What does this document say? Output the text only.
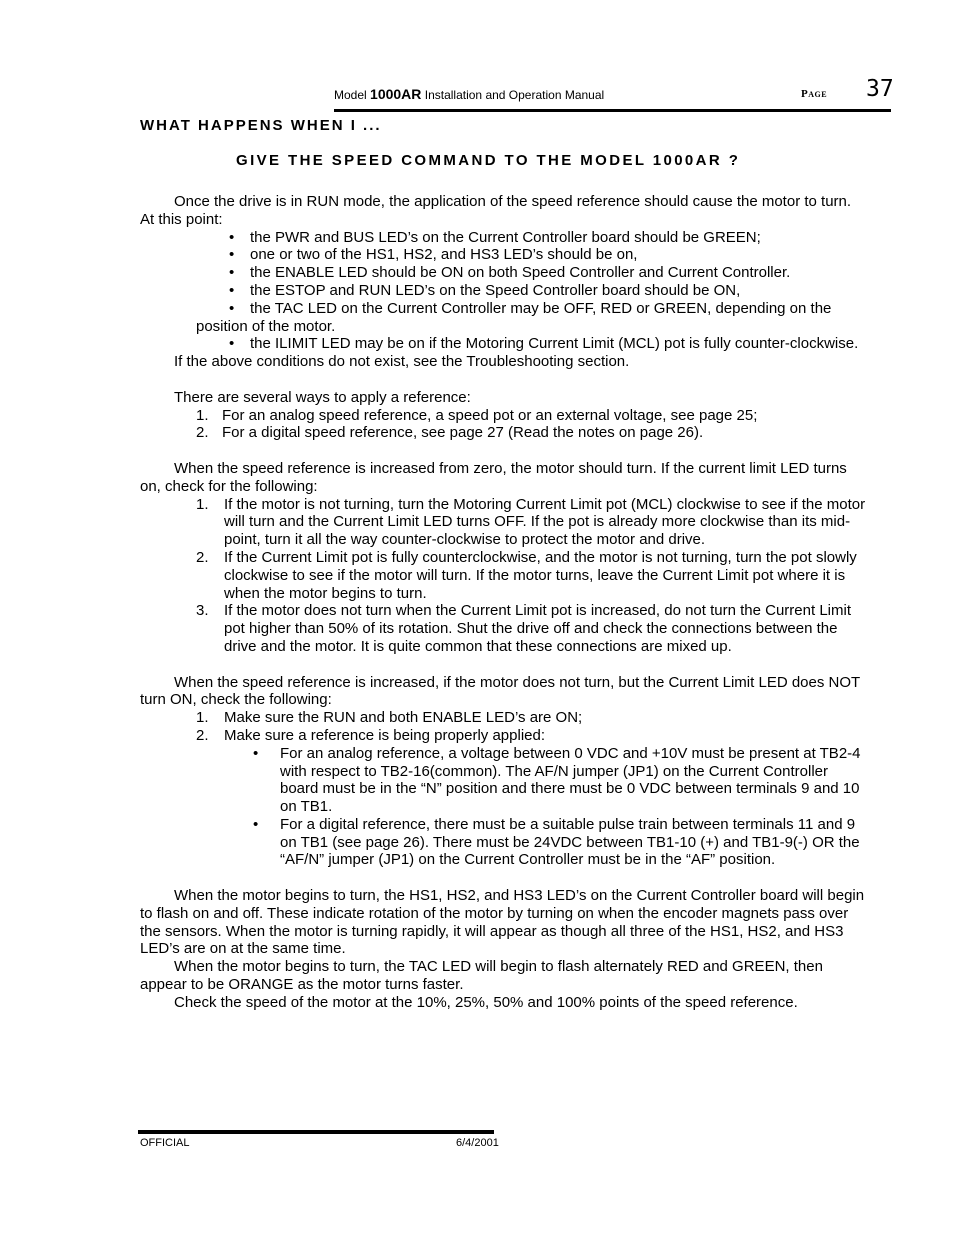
Model 1000AR Installation and Operation Manual	Page 37
WHAT HAPPENS WHEN I ...
GIVE THE SPEED COMMAND TO THE MODEL 1000AR ?

Once the drive is in RUN mode, the application of the speed reference should cause the motor to turn. At this point:

• the PWR and BUS LED’s on the Current Controller board should be GREEN;
• one or two of the HS1, HS2, and HS3 LED’s should be on,
• the ENABLE LED should be ON on both Speed Controller and Current Controller.
• the ESTOP and RUN LED’s on the Speed Controller board should be ON,
• the TAC LED on the Current Controller may be OFF, RED or GREEN, depending on the position of the motor.
• the ILIMIT LED may be on if the Motoring Current Limit (MCL) pot is fully counter-clockwise.

If the above conditions do not exist, see the Troubleshooting section.

There are several ways to apply a reference:

1. For an analog speed reference, a speed pot or an external voltage, see page 25;
2. For a digital speed reference, see page 27 (Read the notes on page 26).

When the speed reference is increased from zero, the motor should turn. If the current limit LED turns on, check for the following:

1. If the motor is not turning, turn the Motoring Current Limit pot (MCL) clockwise to see if the motor will turn and the Current Limit LED turns OFF. If the pot is already more clockwise than its mid-point, turn it all the way counter-clockwise to protect the motor and drive.
2. If the Current Limit pot is fully counterclockwise, and the motor is not turning, turn the pot slowly clockwise to see if the motor will turn. If the motor turns, leave the Current Limit pot where it is when the motor begins to turn.
3. If the motor does not turn when the Current Limit pot is increased, do not turn the Current Limit pot higher than 50% of its rotation. Shut the drive off and check the connections between the drive and the motor. It is quite common that these connections are mixed up.

When the speed reference is increased, if the motor does not turn, but the Current Limit LED does NOT turn ON, check the following:

1. Make sure the RUN and both ENABLE LED’s are ON;
2. Make sure a reference is being properly applied:
• For an analog reference, a voltage between 0 VDC and +10V must be present at TB2-4 with respect to TB2-16(common). The AF/N jumper (JP1) on the Current Controller board must be in the “N” position and there must be 0 VDC between terminals 9 and 10 on TB1.
• For a digital reference, there must be a suitable pulse train between terminals 11 and 9 on TB1 (see page 26). There must be 24VDC between TB1-10 (+) and TB1-9(-) OR the “AF/N” jumper (JP1) on the Current Controller must be in the “AF” position.

When the motor begins to turn, the HS1, HS2, and HS3 LED’s on the Current Controller board will begin to flash on and off. These indicate rotation of the motor by turning on when the encoder magnets pass over the sensors. When the motor is turning rapidly, it will appear as though all three of the HS1, HS2, and HS3 LED’s are on at the same time.

When the motor begins to turn, the TAC LED will begin to flash alternately RED and GREEN, then appear to be ORANGE as the motor turns faster.

Check the speed of the motor at the 10%, 25%, 50% and 100% points of the speed reference.

OFFICIAL	6/4/2001
